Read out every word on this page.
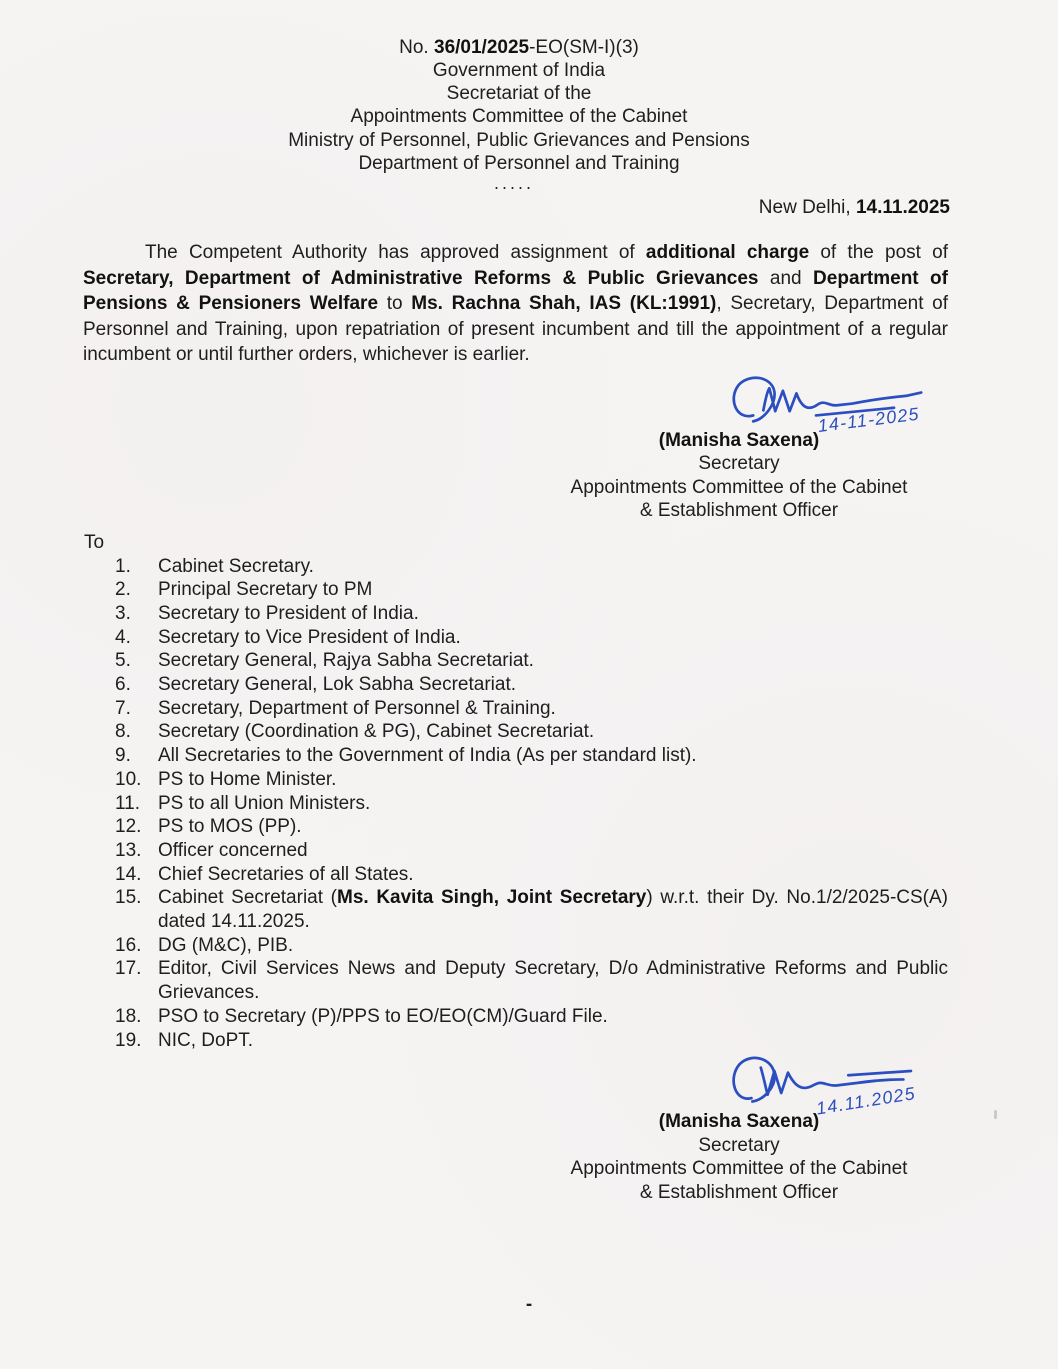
No. 36/01/2025-EO(SM-I)(3)
Government of India
Secretariat of the
Appointments Committee of the Cabinet
Ministry of Personnel, Public Grievances and Pensions
Department of Personnel and Training
.....
New Delhi, 14.11.2025

The Competent Authority has approved assignment of additional charge of the post of Secretary, Department of Administrative Reforms & Public Grievances and Department of Pensions & Pensioners Welfare to Ms. Rachna Shah, IAS (KL:1991), Secretary, Department of Personnel and Training, upon repatriation of present incumbent and till the appointment of a regular incumbent or until further orders, whichever is earlier.

14-11-2025
(Manisha Saxena)
Secretary
Appointments Committee of the Cabinet
& Establishment Officer
To
1.	Cabinet Secretary.
2.	Principal Secretary to PM
3.	Secretary to President of India.
4.	Secretary to Vice President of India.
5.	Secretary General, Rajya Sabha Secretariat.
6.	Secretary General, Lok Sabha Secretariat.
7.	Secretary, Department of Personnel & Training.
8.	Secretary (Coordination & PG), Cabinet Secretariat.
9.	All Secretaries to the Government of India (As per standard list).
10. PS to Home Minister.
11. PS to all Union Ministers.
12. PS to MOS (PP).
13. Officer concerned
14. Chief Secretaries of all States.
15. Cabinet Secretariat (Ms. Kavita Singh, Joint Secretary) w.r.t. their Dy. No.1/2/2025-CS(A) dated 14.11.2025.
16. DG (M&C), PIB.
17. Editor, Civil Services News and Deputy Secretary, D/o Administrative Reforms and Public Grievances.
18. PSO to Secretary (P)/PPS to EO/EO(CM)/Guard File.
19. NIC, DoPT.
14.11.2025
(Manisha Saxena)
Secretary
Appointments Committee of the Cabinet
& Establishment Officer
-
